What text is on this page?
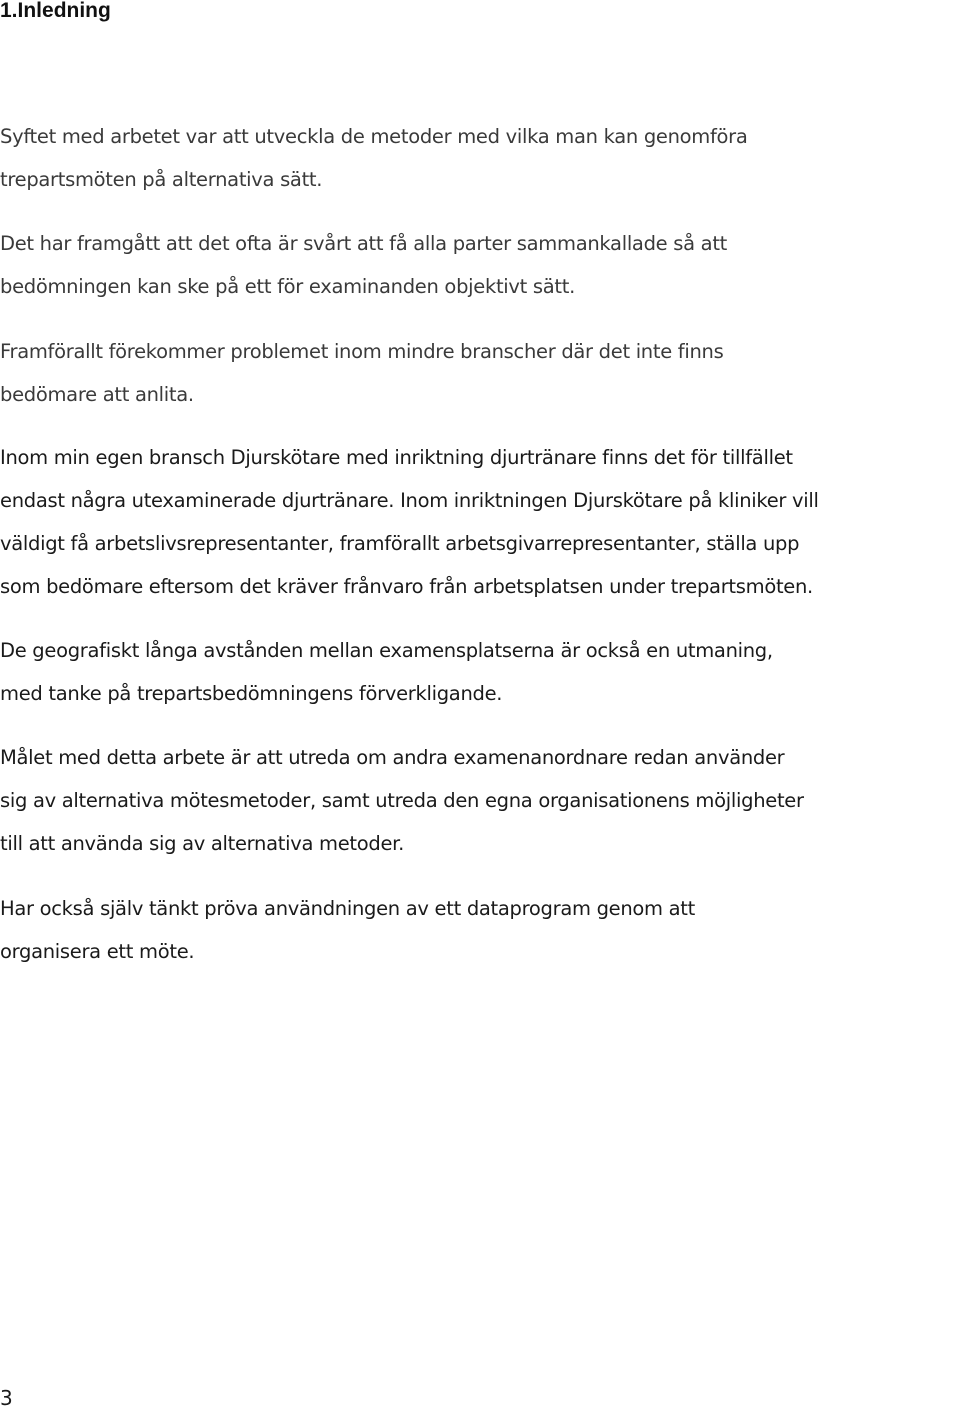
1.Inledning
Syftet med arbetet var att utveckla de metoder med vilka man kan genomföra
trepartsmöten på alternativa sätt.
Det har framgått att det ofta är svårt att få alla parter sammankallade så att
bedömningen kan ske på ett för examinanden objektivt sätt.
Framförallt förekommer problemet inom mindre branscher där det inte finns
bedömare att anlita.
Inom min egen bransch Djurskötare med inriktning djurtränare finns det för tillfället
endast några utexaminerade djurtränare. Inom inriktningen Djurskötare på kliniker vill
väldigt få arbetslivsrepresentanter, framförallt arbetsgivarrepresentanter, ställa upp
som bedömare eftersom det kräver frånvaro från arbetsplatsen under trepartsmöten.
De geografiskt långa avstånden mellan examensplatserna är också en utmaning,
med tanke på trepartsbedömningens förverkligande.
Målet med detta arbete är att utreda om andra examenanordnare redan använder
sig av alternativa mötesmetoder, samt utreda den egna organisationens möjligheter
till att använda sig av alternativa metoder.
Har också själv tänkt pröva användningen av ett dataprogram genom att
organisera ett möte.
3
